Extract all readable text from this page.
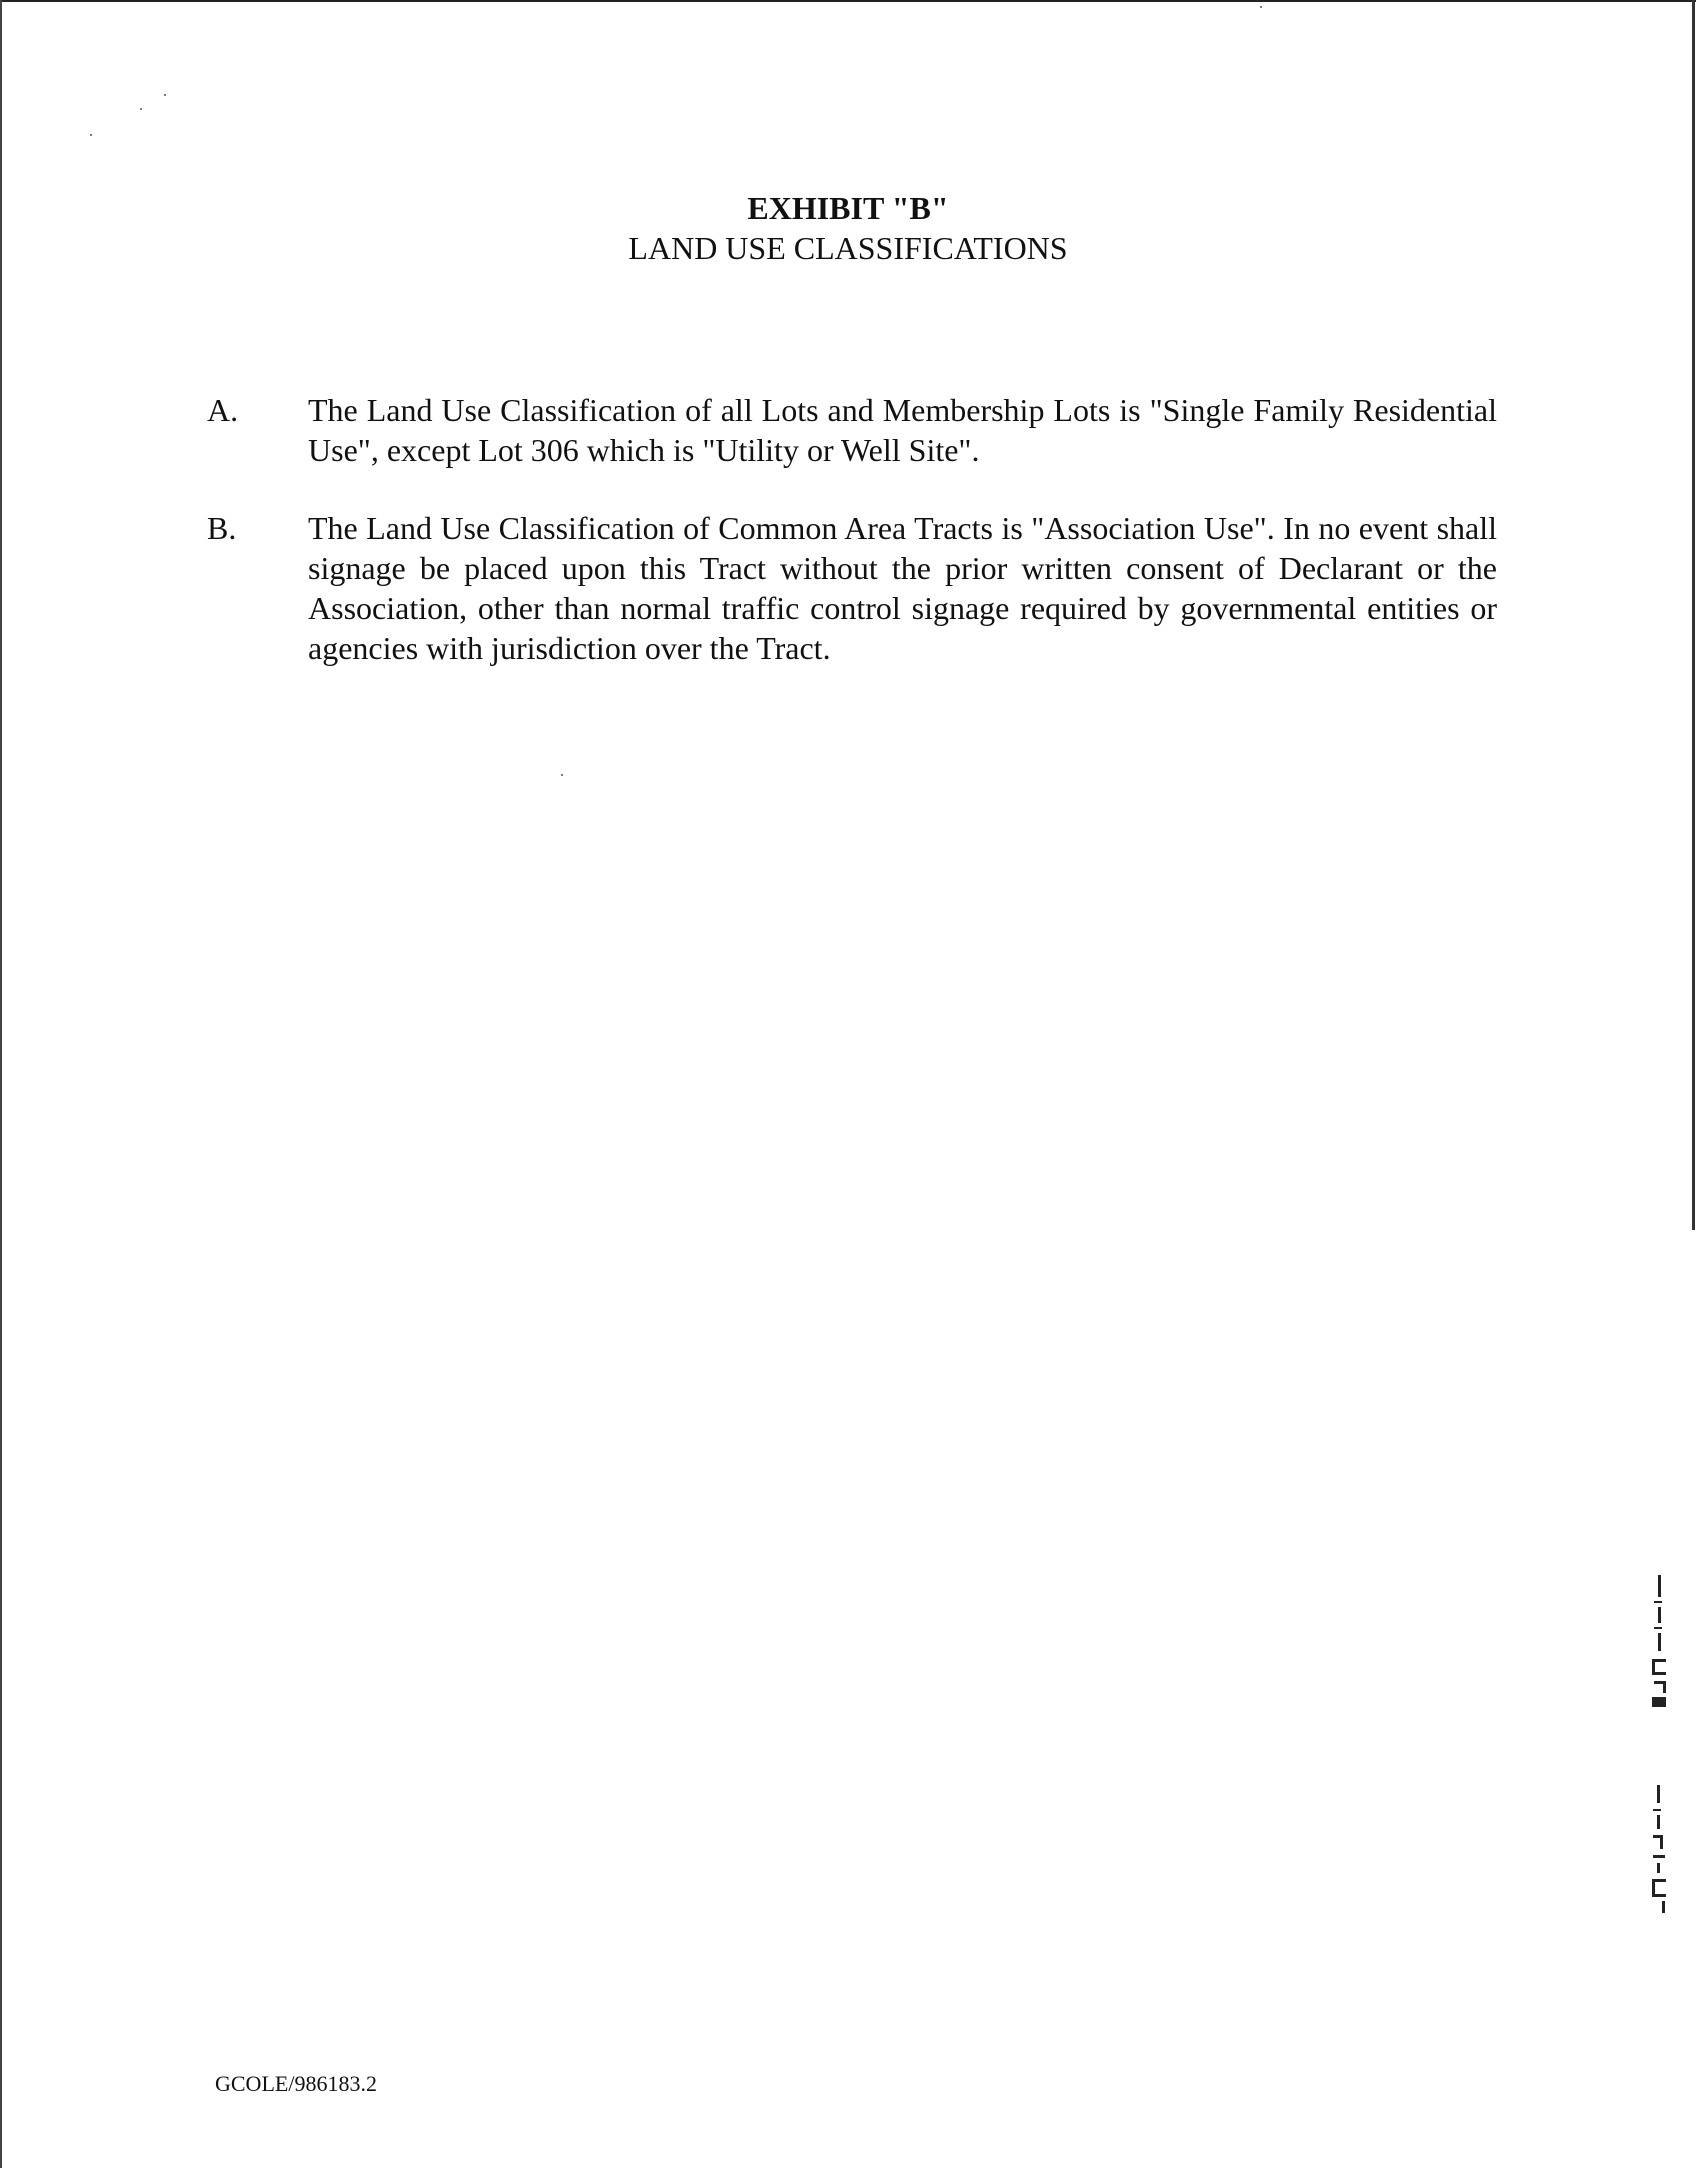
EXHIBIT "B"
LAND USE CLASSIFICATIONS
A.	The Land Use Classification of all Lots and Membership Lots is "Single Family Residential Use", except Lot 306 which is "Utility or Well Site".
B.	The Land Use Classification of Common Area Tracts is "Association Use". In no event shall signage be placed upon this Tract without the prior written consent of Declarant or the Association, other than normal traffic control signage required by governmental entities or agencies with jurisdiction over the Tract.
GCOLE/986183.2
